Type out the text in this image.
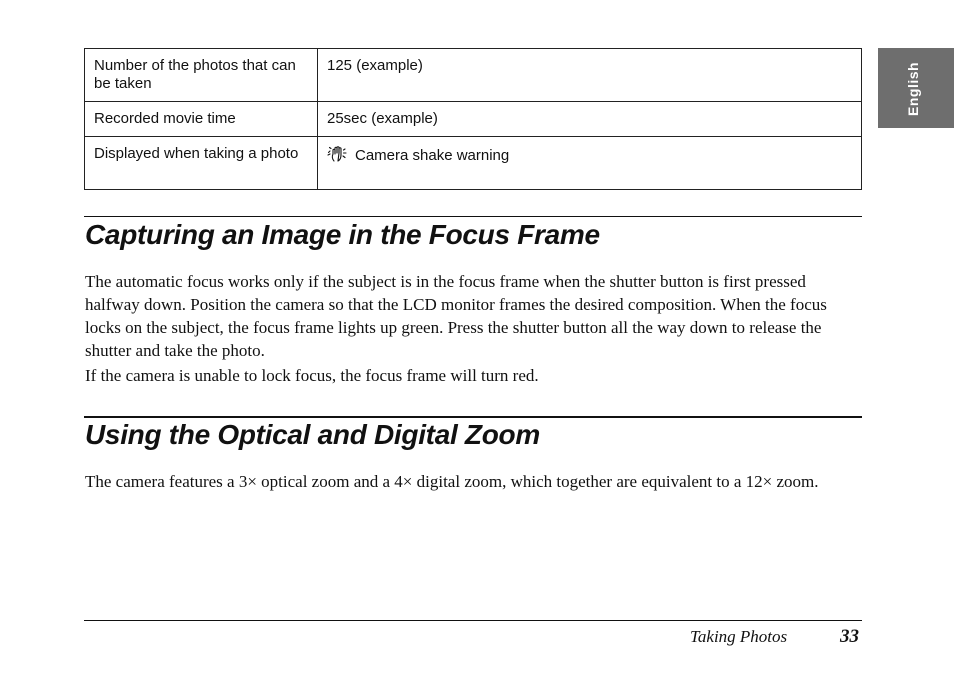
Number of the photos that can be taken	125 (example)
Recorded movie time	25sec (example)
Displayed when taking a photo	Camera shake warning
English
Capturing an Image in the Focus Frame

The automatic focus works only if the subject is in the focus frame when the shutter button is first pressed halfway down. Position the camera so that the LCD monitor frames the desired composition. When the focus locks on the subject, the focus frame lights up green. Press the shutter button all the way down to release the shutter and take the photo.

If the camera is unable to lock focus, the focus frame will turn red.

Using the Optical and Digital Zoom

The camera features a 3× optical zoom and a 4× digital zoom, which together are equivalent to a 12× zoom.

Taking Photos	33
